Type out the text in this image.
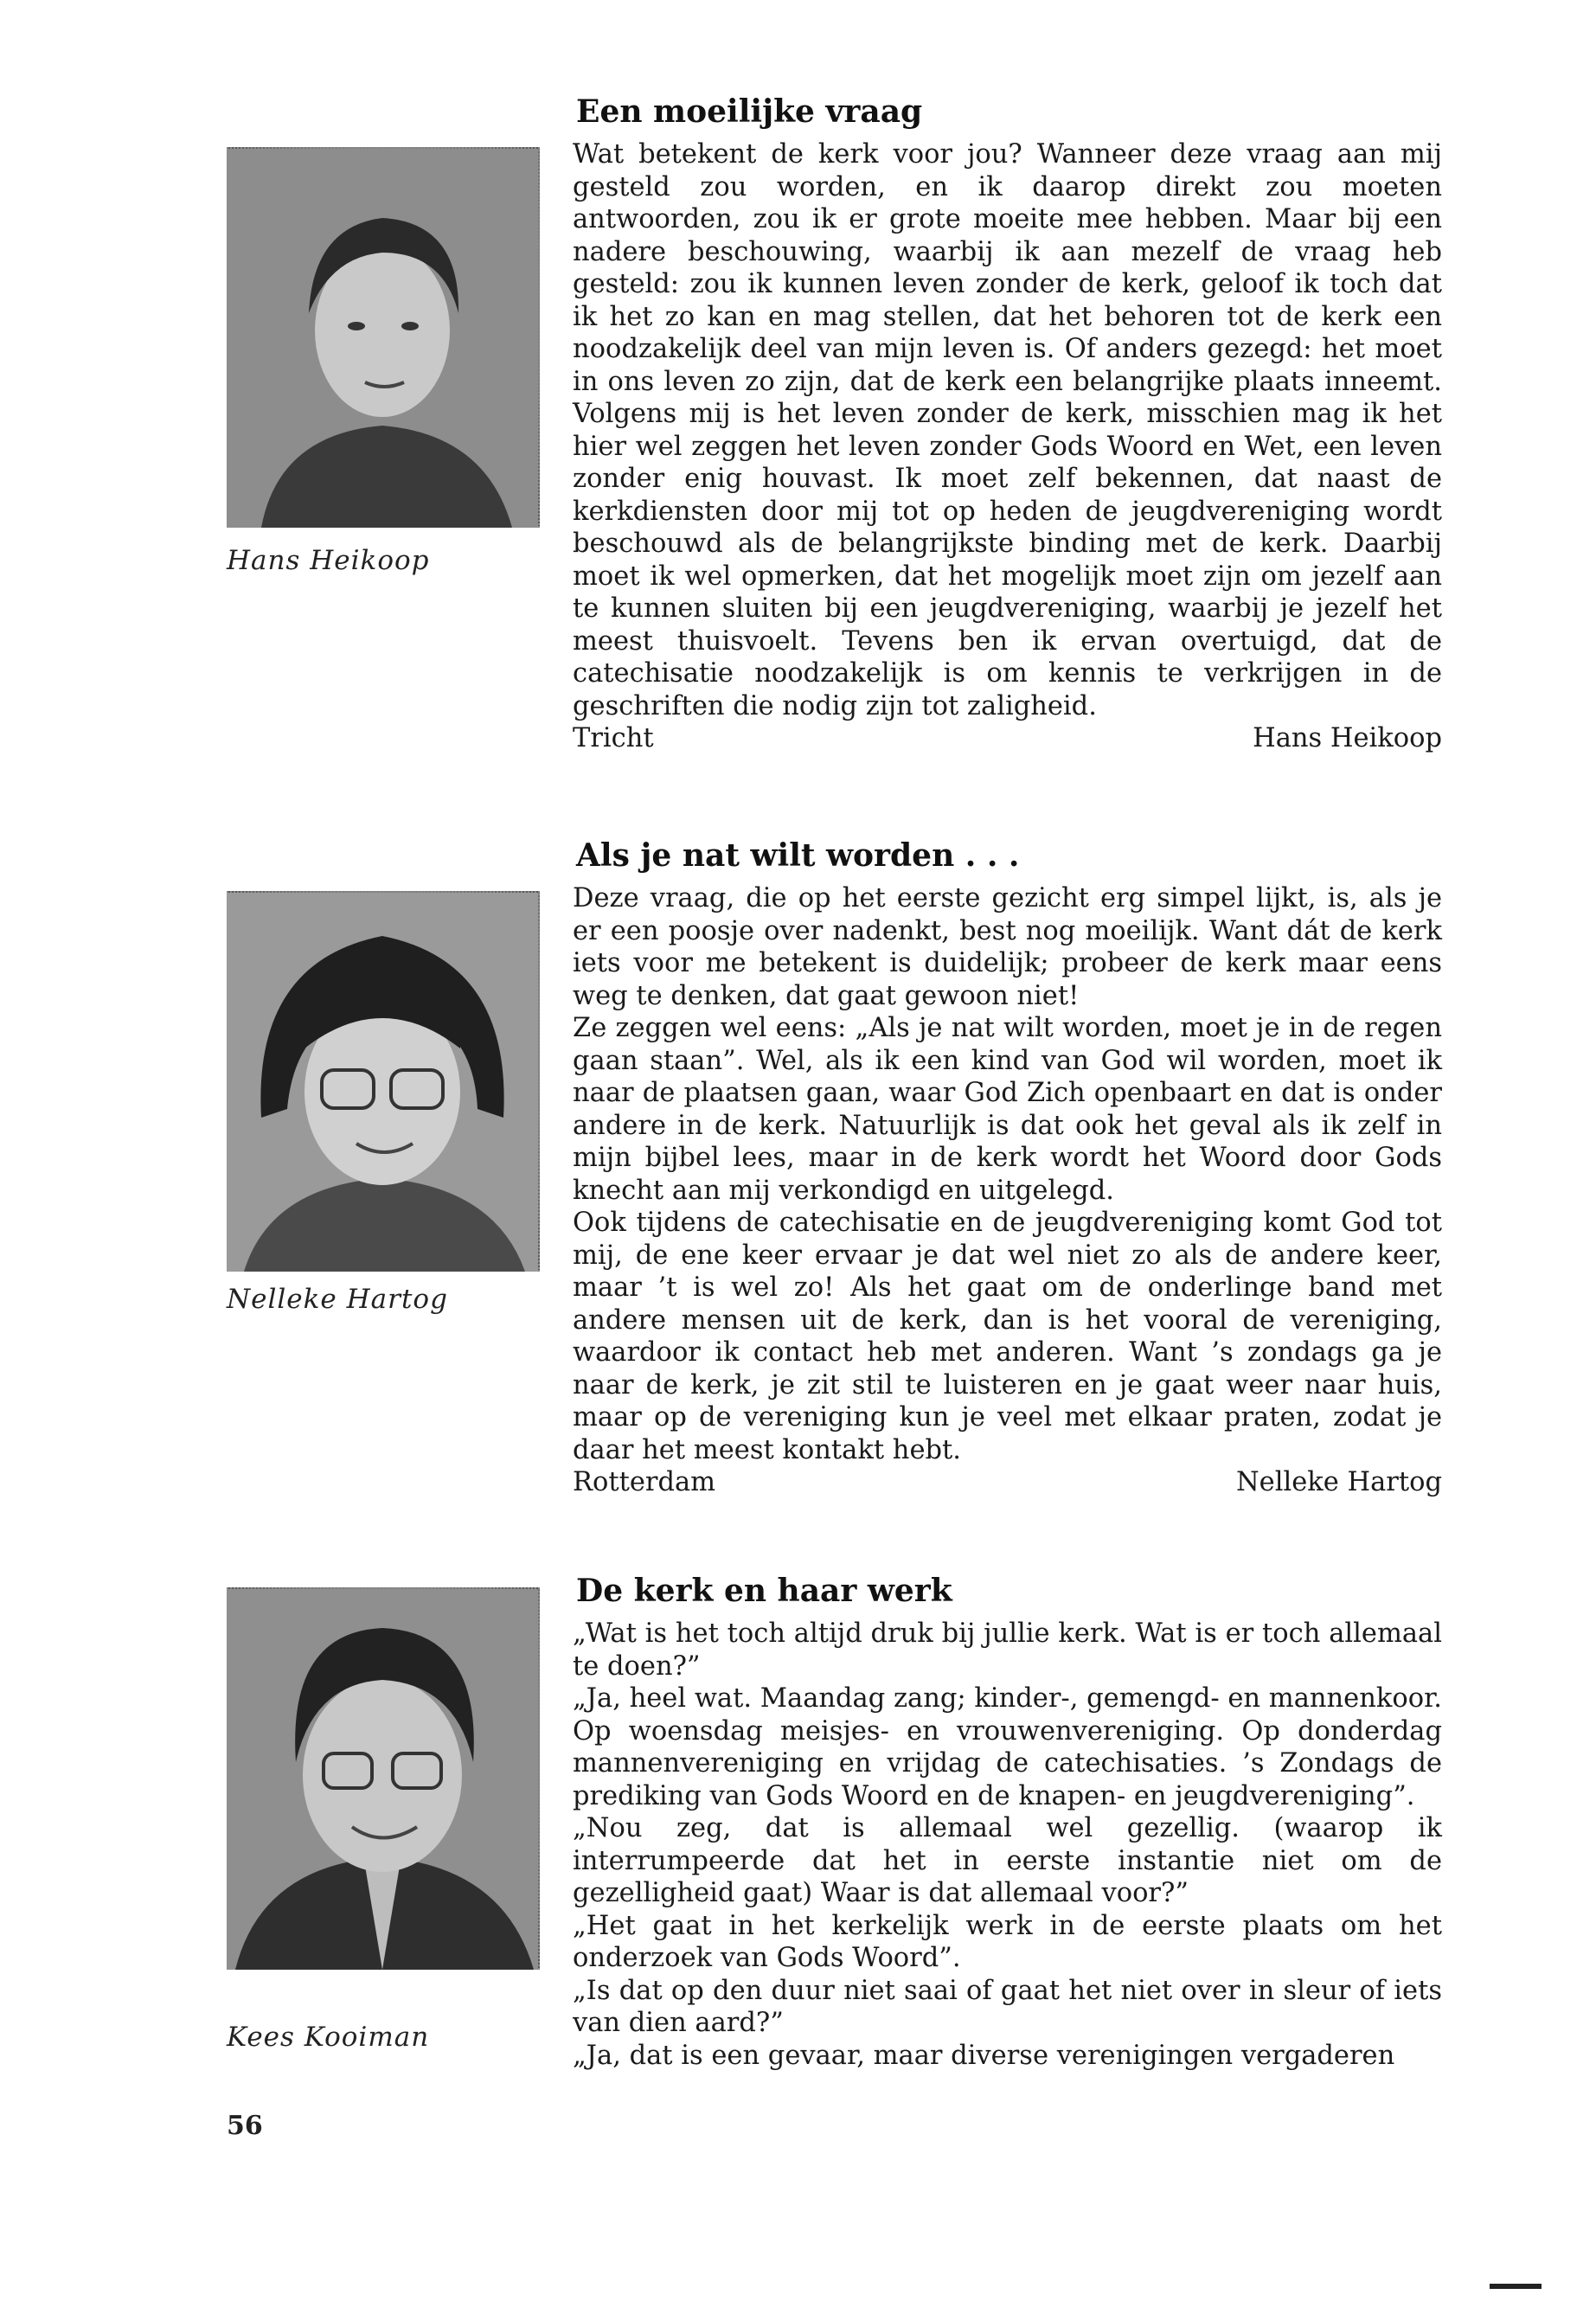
Hans Heikoop
Nelleke Hartog
Kees Kooiman
Een moeilijke vraag

Wat betekent de kerk voor jou? Wanneer deze vraag aan mij gesteld zou worden, en ik daarop direkt zou moeten antwoorden, zou ik er grote moeite mee hebben. Maar bij een nadere beschouwing, waarbij ik aan mezelf de vraag heb gesteld: zou ik kunnen leven zonder de kerk, geloof ik toch dat ik het zo kan en mag stellen, dat het behoren tot de kerk een noodzakelijk deel van mijn leven is. Of anders gezegd: het moet in ons leven zo zijn, dat de kerk een belangrijke plaats inneemt. Volgens mij is het leven zonder de kerk, misschien mag ik het hier wel zeggen het leven zonder Gods Woord en Wet, een leven zonder enig houvast. Ik moet zelf bekennen, dat naast de kerkdiensten door mij tot op heden de jeugdvereniging wordt beschouwd als de belangrijkste binding met de kerk. Daarbij moet ik wel opmerken, dat het mogelijk moet zijn om jezelf aan te kunnen sluiten bij een jeugdvereniging, waarbij je jezelf het meest thuisvoelt. Tevens ben ik ervan overtuigd, dat de catechisatie noodzakelijk is om kennis te verkrijgen in de geschriften die nodig zijn tot zaligheid.

Tricht	Hans Heikoop
Als je nat wilt worden . . .

Deze vraag, die op het eerste gezicht erg simpel lijkt, is, als je er een poosje over nadenkt, best nog moeilijk. Want dát de kerk iets voor me betekent is duidelijk; probeer de kerk maar eens weg te denken, dat gaat gewoon niet!

Ze zeggen wel eens: „Als je nat wilt worden, moet je in de regen gaan staan”. Wel, als ik een kind van God wil worden, moet ik naar de plaatsen gaan, waar God Zich openbaart en dat is onder andere in de kerk. Natuurlijk is dat ook het geval als ik zelf in mijn bijbel lees, maar in de kerk wordt het Woord door Gods knecht aan mij verkondigd en uitgelegd.

Ook tijdens de catechisatie en de jeugdvereniging komt God tot mij, de ene keer ervaar je dat wel niet zo als de andere keer, maar ’t is wel zo! Als het gaat om de onderlinge band met andere mensen uit de kerk, dan is het vooral de vereniging, waardoor ik contact heb met anderen. Want ’s zondags ga je naar de kerk, je zit stil te luisteren en je gaat weer naar huis, maar op de vereniging kun je veel met elkaar praten, zodat je daar het meest kontakt hebt.

Rotterdam	Nelleke Hartog
De kerk en haar werk

„Wat is het toch altijd druk bij jullie kerk. Wat is er toch allemaal te doen?”

„Ja, heel wat. Maandag zang; kinder-, gemengd- en mannenkoor. Op woensdag meisjes- en vrouwenvereniging. Op donderdag mannenvereniging en vrijdag de catechisaties. ’s Zondags de prediking van Gods Woord en de knapen- en jeugdvereniging”.

„Nou zeg, dat is allemaal wel gezellig. (waarop ik interrumpeerde dat het in eerste instantie niet om de gezelligheid gaat) Waar is dat allemaal voor?”

„Het gaat in het kerkelijk werk in de eerste plaats om het onderzoek van Gods Woord”.

„Is dat op den duur niet saai of gaat het niet over in sleur of iets van dien aard?”

„Ja, dat is een gevaar, maar diverse verenigingen vergaderen

56
